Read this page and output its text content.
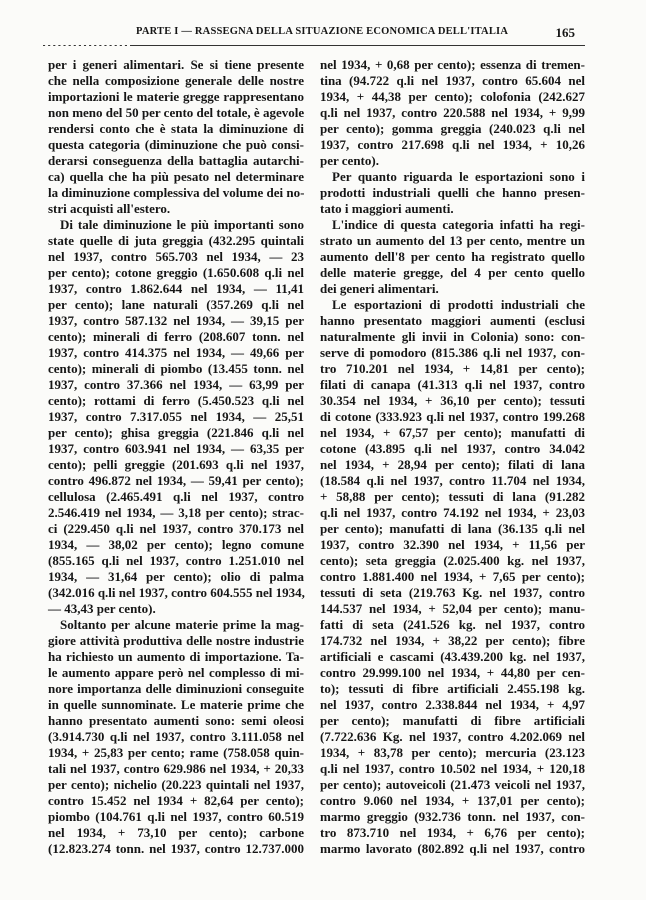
PARTE I — RASSEGNA DELLA SITUAZIONE ECONOMICA DELL'ITALIA	165
per i generi alimentari. Se si tiene presente
che nella composizione generale delle nostre
importazioni le materie gregge rappresentano
non meno del 50 per cento del totale, è agevole
rendersi conto che è stata la diminuzione di
questa categoria (diminuzione che può consi-
derarsi conseguenza della battaglia autarchi-
ca) quella che ha più pesato nel determinare
la diminuzione complessiva del volume dei no-
stri acquisti all'estero.
Di tale diminuzione le più importanti sono
state quelle di juta greggia (432.295 quintali
nel 1937, contro 565.703 nel 1934, — 23
per cento); cotone greggio (1.650.608 q.li nel
1937, contro 1.862.644 nel 1934, — 11,41
per cento); lane naturali (357.269 q.li nel
1937, contro 587.132 nel 1934, — 39,15 per
cento); minerali di ferro (208.607 tonn. nel
1937, contro 414.375 nel 1934, — 49,66 per
cento); minerali di piombo (13.455 tonn. nel
1937, contro 37.366 nel 1934, — 63,99 per
cento); rottami di ferro (5.450.523 q.li nel
1937, contro 7.317.055 nel 1934, — 25,51
per cento); ghisa greggia (221.846 q.li nel
1937, contro 603.941 nel 1934, — 63,35 per
cento); pelli greggie (201.693 q.li nel 1937,
contro 496.872 nel 1934, — 59,41 per cento);
cellulosa (2.465.491 q.li nel 1937, contro
2.546.419 nel 1934, — 3,18 per cento); strac-
ci (229.450 q.li nel 1937, contro 370.173 nel
1934, — 38,02 per cento); legno comune
(855.165 q.li nel 1937, contro 1.251.010 nel
1934, — 31,64 per cento); olio di palma
(342.016 q.li nel 1937, contro 604.555 nel 1934,
— 43,43 per cento).
Soltanto per alcune materie prime la mag-
giore attività produttiva delle nostre industrie
ha richiesto un aumento di importazione. Ta-
le aumento appare però nel complesso di mi-
nore importanza delle diminuzioni conseguite
in quelle sunnominate. Le materie prime che
hanno presentato aumenti sono: semi oleosi
(3.914.730 q.li nel 1937, contro 3.111.058 nel
1934, + 25,83 per cento; rame (758.058 quin-
tali nel 1937, contro 629.986 nel 1934, + 20,33
per cento); nichelio (20.223 quintali nel 1937,
contro 15.452 nel 1934 + 82,64 per cento);
piombo (104.761 q.li nel 1937, contro 60.519
nel 1934, + 73,10 per cento); carbone
(12.823.274 tonn. nel 1937, contro 12.737.000
nel 1934, + 0,68 per cento); essenza di tremen-
tina (94.722 q.li nel 1937, contro 65.604 nel
1934, + 44,38 per cento); colofonia (242.627
q.li nel 1937, contro 220.588 nel 1934, + 9,99
per cento); gomma greggia (240.023 q.li nel
1937, contro 217.698 q.li nel 1934, + 10,26
per cento).
Per quanto riguarda le esportazioni sono i
prodotti industriali quelli che hanno presen-
tato i maggiori aumenti.
L'indice di questa categoria infatti ha regi-
strato un aumento del 13 per cento, mentre un
aumento dell'8 per cento ha registrato quello
delle materie gregge, del 4 per cento quello
dei generi alimentari.
Le esportazioni di prodotti industriali che
hanno presentato maggiori aumenti (esclusi
naturalmente gli invii in Colonia) sono: con-
serve di pomodoro (815.386 q.li nel 1937, con-
tro 710.201 nel 1934, + 14,81 per cento);
filati di canapa (41.313 q.li nel 1937, contro
30.354 nel 1934, + 36,10 per cento); tessuti
di cotone (333.923 q.li nel 1937, contro 199.268
nel 1934, + 67,57 per cento); manufatti di
cotone (43.895 q.li nel 1937, contro 34.042
nel 1934, + 28,94 per cento); filati di lana
(18.584 q.li nel 1937, contro 11.704 nel 1934,
+ 58,88 per cento); tessuti di lana (91.282
q.li nel 1937, contro 74.192 nel 1934, + 23,03
per cento); manufatti di lana (36.135 q.li nel
1937, contro 32.390 nel 1934, + 11,56 per
cento); seta greggia (2.025.400 kg. nel 1937,
contro 1.881.400 nel 1934, + 7,65 per cento);
tessuti di seta (219.763 Kg. nel 1937, contro
144.537 nel 1934, + 52,04 per cento); manu-
fatti di seta (241.526 kg. nel 1937, contro
174.732 nel 1934, + 38,22 per cento); fibre
artificiali e cascami (43.439.200 kg. nel 1937,
contro 29.999.100 nel 1934, + 44,80 per cen-
to); tessuti di fibre artificiali 2.455.198 kg.
nel 1937, contro 2.338.844 nel 1934, + 4,97
per cento); manufatti di fibre artificiali
(7.722.636 Kg. nel 1937, contro 4.202.069 nel
1934, + 83,78 per cento); mercuria (23.123
q.li nel 1937, contro 10.502 nel 1934, + 120,18
per cento); autoveicoli (21.473 veicoli nel 1937,
contro 9.060 nel 1934, + 137,01 per cento);
marmo greggio (932.736 tonn. nel 1937, con-
tro 873.710 nel 1934, + 6,76 per cento);
marmo lavorato (802.892 q.li nel 1937, contro
